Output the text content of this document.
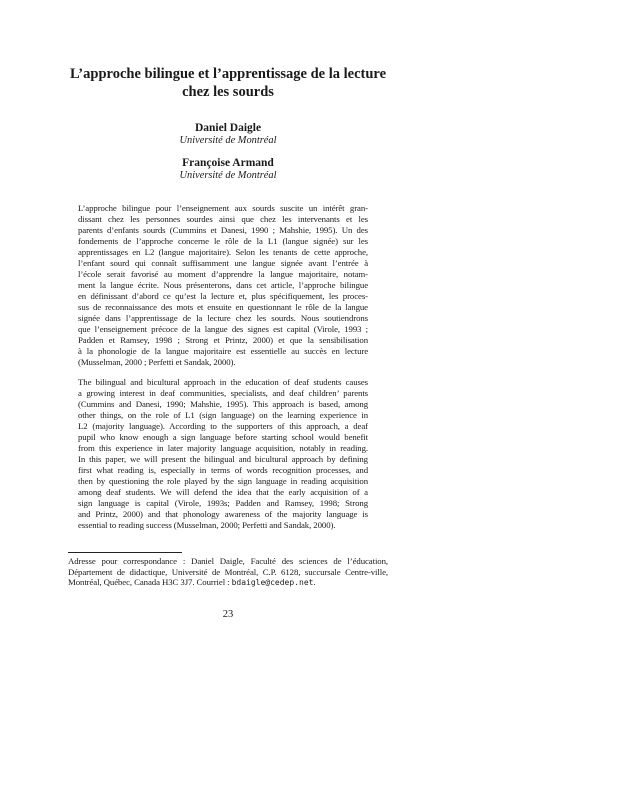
L’approche bilingue et l’apprentissage de la lecture
chez les sourds
Daniel Daigle
Université de Montréal
Françoise Armand
Université de Montréal
L’approche bilingue pour l’enseignement aux sourds suscite un intérêt gran-
dissant chez les personnes sourdes ainsi que chez les intervenants et les
parents d’enfants sourds (Cummins et Danesi, 1990 ; Mahshie, 1995). Un des
fondements de l’approche concerne le rôle de la L1 (langue signée) sur les
apprentissages en L2 (langue majoritaire). Selon les tenants de cette approche,
l’enfant sourd qui connaît suffisamment une langue signée avant l’entrée à
l’école serait favorisé au moment d’apprendre la langue majoritaire, notam-
ment la langue écrite. Nous présenterons, dans cet article, l’approche bilingue
en définissant d’abord ce qu’est la lecture et, plus spécifiquement, les proces-
sus de reconnaissance des mots et ensuite en questionnant le rôle de la langue
signée dans l’apprentissage de la lecture chez les sourds. Nous soutiendrons
que l’enseignement précoce de la langue des signes est capital (Virole, 1993 ;
Padden et Ramsey, 1998 ; Strong et Printz, 2000) et que la sensibilisation
à la phonologie de la langue majoritaire est essentielle au succès en lecture
(Musselman, 2000 ; Perfetti et Sandak, 2000).
The bilingual and bicultural approach in the education of deaf students causes
a growing interest in deaf communities, specialists, and deaf children’ parents
(Cummins and Danesi, 1990; Mahshie, 1995). This approach is based, among
other things, on the role of L1 (sign language) on the learning experience in
L2 (majority language). According to the supporters of this approach, a deaf
pupil who know enough a sign language before starting school would benefit
from this experience in later majority language acquisition, notably in reading.
In this paper, we will present the bilingual and bicultural approach by defining
first what reading is, especially in terms of words recognition processes, and
then by questioning the role played by the sign language in reading acquisition
among deaf students. We will defend the idea that the early acquisition of a
sign language is capital (Virole, 1993s; Padden and Ramsey, 1998; Strong
and Printz, 2000) and that phonology awareness of the majority language is
essential to reading success (Musselman, 2000; Perfetti and Sandak, 2000).
Adresse pour correspondance : Daniel Daigle, Faculté des sciences de l’éducation,
Département de didactique, Université de Montréal, C.P. 6128, succursale Centre-ville,
Montréal, Québec, Canada H3C 3J7. Courriel : bdaigle@cedep.net.
23
